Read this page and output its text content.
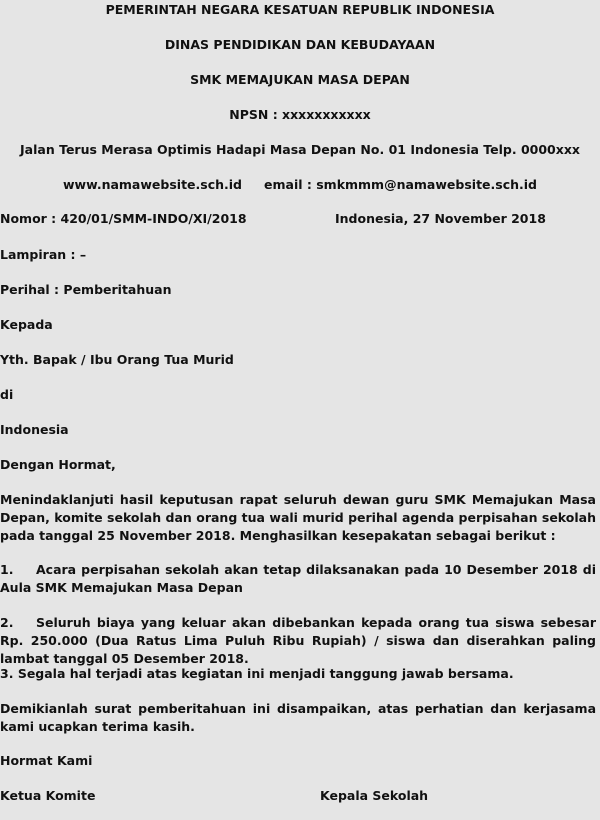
PEMERINTAH NEGARA KESATUAN REPUBLIK INDONESIA

DINAS PENDIDIKAN DAN KEBUDAYAAN

SMK MEMAJUKAN MASA DEPAN

NPSN : xxxxxxxxxxx

Jalan Terus Merasa Optimis Hadapi Masa Depan No. 01 Indonesia Telp. 0000xxx

www.namawebsite.sch.id email : smkmmm@namawebsite.sch.id

Nomor : 420/01/SMM-INDO/XI/2018	Indonesia, 27 November 2018

Lampiran : –

Perihal : Pemberitahuan

Kepada

Yth. Bapak / Ibu Orang Tua Murid

di

Indonesia

Dengan Hormat,

Menindaklanjuti hasil keputusan rapat seluruh dewan guru SMK Memajukan Masa Depan, komite sekolah dan orang tua wali murid perihal agenda perpisahan sekolah pada tanggal 25 November 2018. Menghasilkan kesepakatan sebagai berikut :

1. Acara perpisahan sekolah akan tetap dilaksanakan pada 10 Desember 2018 di Aula SMK Memajukan Masa Depan

2. Seluruh biaya yang keluar akan dibebankan kepada orang tua siswa sebesar Rp. 250.000 (Dua Ratus Lima Puluh Ribu Rupiah) / siswa dan diserahkan paling lambat tanggal 05 Desember 2018.

3. Segala hal terjadi atas kegiatan ini menjadi tanggung jawab bersama.

Demikianlah surat pemberitahuan ini disampaikan, atas perhatian dan kerjasama kami ucapkan terima kasih.

Hormat Kami

Ketua Komite	Kepala Sekolah
